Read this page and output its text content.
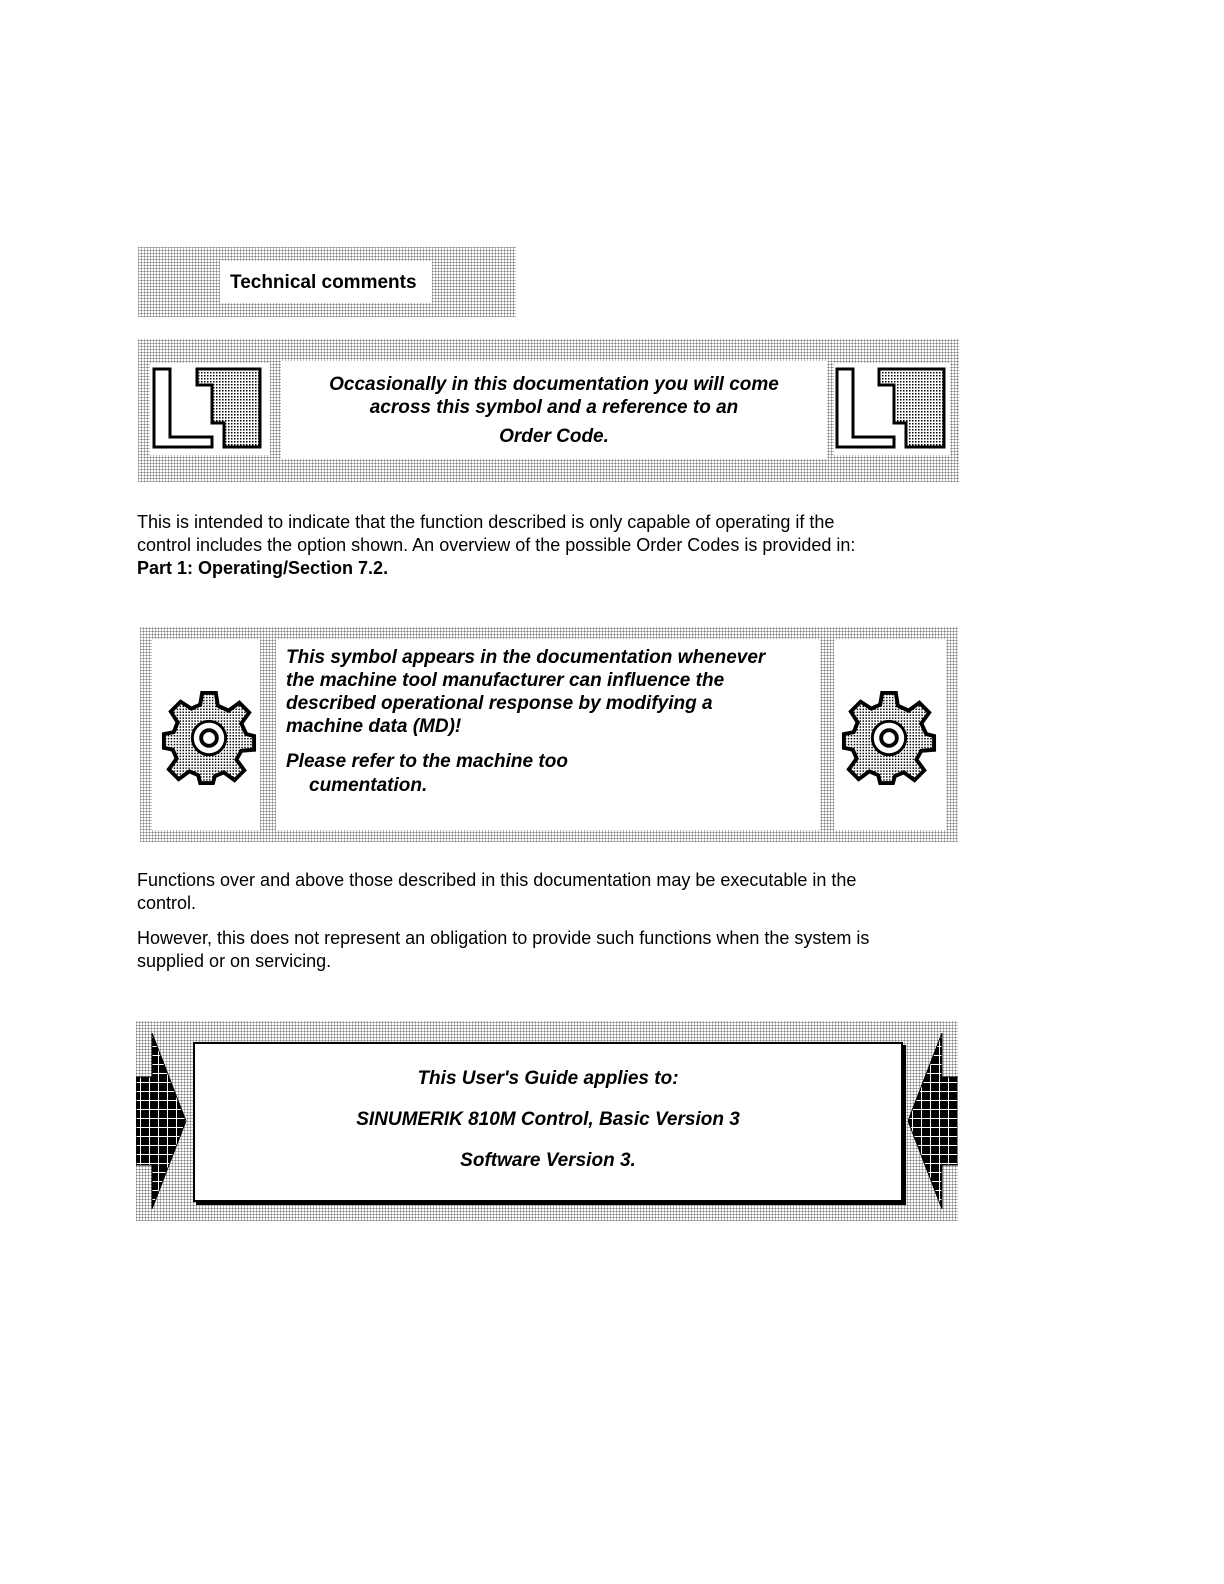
Technical comments
Occasionally in this documentation you will come
across this symbol and a reference to an
Order Code.
This is intended to indicate that the function described is only capable of operating if the
control includes the option shown. An overview of the possible Order Codes is provided in:
Part 1: Operating/Section 7.2.
This symbol appears in the documentation whenever
the machine tool manufacturer can influence the
described operational response by modifying a
machine data (MD)!
Please refer to the machine too
cumentation.
Functions over and above those described in this documentation may be executable in the
control.
However, this does not represent an obligation to provide such functions when the system is
supplied or on servicing.
This User's Guide applies to:
SINUMERIK 810M Control, Basic Version 3
Software Version 3.
